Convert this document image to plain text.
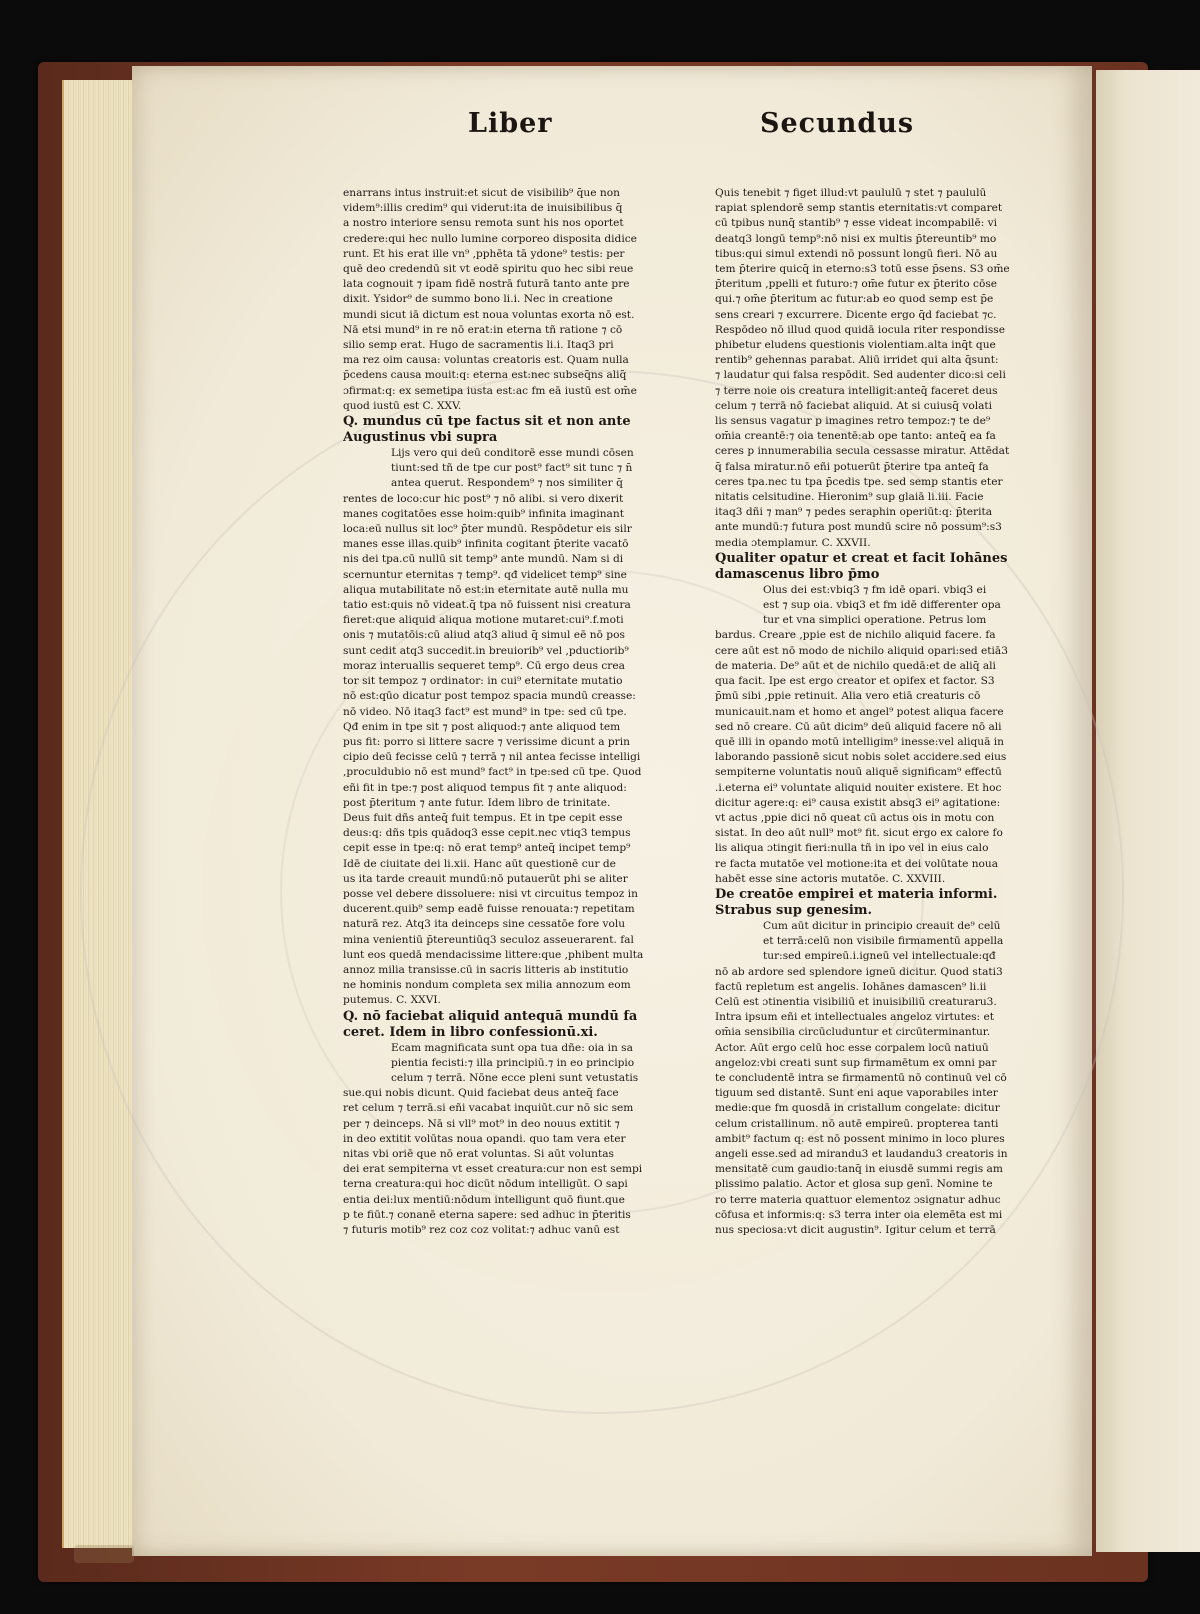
Liber	Secundus
enarrans intus instruit:et sicut de visibilib⁹ q̄ue non
videm⁹:illis credim⁹ qui viderut:ita de inuisibilibus q̄
a nostro interiore sensu remota sunt his nos oportet
credere:qui hec nullo lumine corporeo disposita didice
runt. Et his erat ille vn⁹ ,pphēta tā ydone⁹ testis: per
quē deo credendū sit vt eodē spiritu quo hec sibi reue
lata cognouit ⁊ ipam fidē nostrā futurā tanto ante pre
dixit. Ysidor⁹ de summo bono li.i. Nec in creatione
mundi sicut iā dictum est noua voluntas exorta nō est.
Nā etsi mund⁹ in re nō erat:in eterna tñ ratione ⁊ cō
silio semp erat. Hugo de sacramentis li.i. Itaq3 pri
ma rez oim causa: voluntas creatoris est. Quam nulla
p̄cedens causa mouit:q: eterna est:nec subseq̄ns aliq̄
ɔfirmat:q: ex semetipa iusta est:ac fm eā iustū est om̄e
quod iustū est C. XXV.
Q. mundus cū tpe factus sit et non ante
Augustinus vbi supra
Lijs vero qui deū conditorē esse mundi cōsen
tiunt:sed tñ de tpe cur post⁹ fact⁹ sit tunc ⁊ n̄
antea querut. Respondem⁹ ⁊ nos similiter q̄
rentes de loco:cur hic post⁹ ⁊ nō alibi. si vero dixerit
manes cogitatōes esse hoim:quib⁹ infinita imaginant
loca:eū nullus sit loc⁹ p̄ter mundū. Respōdetur eis silr
manes esse illas.quib⁹ infinita cogitant p̄terite vacatō
nis dei tpa.cū nullū sit temp⁹ ante mundū. Nam si di
scernuntur eternitas ⁊ temp⁹. qđ videlicet temp⁹ sine
aliqua mutabilitate nō est:in eternitate autē nulla mu
tatio est:quis nō videat.q̄ tpa nō fuissent nisi creatura
fieret:que aliquid aliqua motione mutaret:cui⁹.f.moti
onis ⁊ mutatōis:cū aliud atq3 aliud q̄ simul eē nō pos
sunt cedit atq3 succedit.in breuiorib⁹ vel ,pductiorib⁹
moraz interuallis sequeret temp⁹. Cū ergo deus crea
tor sit tempoz ⁊ ordinator: in cui⁹ eternitate mutatio
nō est:qūo dicatur post tempoz spacia mundū creasse:
nō video. Nō itaq3 fact⁹ est mund⁹ in tpe: sed cū tpe.
Qđ enim in tpe sit ⁊ post aliquod:⁊ ante aliquod tem
pus fit: porro si littere sacre ⁊ verissime dicunt a prin
cipio deū fecisse celū ⁊ terrā ⁊ nil antea fecisse intelligi
,proculdubio nō est mund⁹ fact⁹ in tpe:sed cū tpe. Quod
eñi fit in tpe:⁊ post aliquod tempus fit ⁊ ante aliquod:
post p̄teritum ⁊ ante futur. Idem libro de trinitate.
Deus fuit dñs anteq̄ fuit tempus. Et in tpe cepit esse
deus:q: dñs tpis quādoq3 esse cepit.nec vtiq3 tempus
cepit esse in tpe:q: nō erat temp⁹ anteq̄ incipet temp⁹
Idē de ciuitate dei li.xii. Hanc aūt questionē cur de
us ita tarde creauit mundū:nō putauerūt phi se aliter
posse vel debere dissoluere: nisi vt circuitus tempoz in
ducerent.quib⁹ semp eadē fuisse renouata:⁊ repetitam
naturā rez. Atq3 ita deinceps sine cessatōe fore volu
mina venientiū p̄tereuntiūq3 seculoz asseuerarent. fal
lunt eos quedā mendacissime littere:que ,phibent multa
annoz milia transisse.cū in sacris litteris ab institutio
ne hominis nondum completa sex milia annozum eom
putemus. C. XXVI.
Q. nō faciebat aliquid antequā mundū fa
ceret. Idem in libro confessionū.xi.
Ecam magnificata sunt opa tua dñe: oia in sa
pientia fecisti:⁊ illa principiū.⁊ in eo principio
celum ⁊ terrā. Nōne ecce pleni sunt vetustatis
sue.qui nobis dicunt. Quid faciebat deus anteq̄ face
ret celum ⁊ terrā.si eñi vacabat inquiūt.cur nō sic sem
per ⁊ deinceps. Nā si vll⁹ mot⁹ in deo nouus extitit ⁊
in deo extitit volūtas noua opandi. quo tam vera eter
nitas vbi oriē que nō erat voluntas. Si aūt voluntas
dei erat sempiterna vt esset creatura:cur non est sempi
terna creatura:qui hoc dicūt nōdum intelligūt. O sapi
entia dei:lux mentiū:nōdum intelligunt quō fiunt.que
p te fiūt.⁊ conanē eterna sapere: sed adhuc in p̄teritis
⁊ futuris motib⁹ rez coz coz volitat:⁊ adhuc vanū est
Quis tenebit ⁊ figet illud:vt paululū ⁊ stet ⁊ paululū
rapiat splendorē semp stantis eternitatis:vt comparet
cū tpibus nunq̄ stantib⁹ ⁊ esse videat incompabilē: vi
deatq3 longū temp⁹:nō nisi ex multis p̄tereuntib⁹ mo
tibus:qui simul extendi nō possunt longū fieri. Nō au
tem p̄terire quicq̄ in eterno:s3 totū esse p̄sens. S3 om̄e
p̄teritum ,ppelli et futuro:⁊ om̄e futur ex p̄terito cōse
qui.⁊ om̄e p̄teritum ac futur:ab eo quod semp est p̄e
sens creari ⁊ excurrere. Dicente ergo q̄d faciebat ⁊c.
Respōdeo nō illud quod quidā iocula riter respondisse
phibetur eludens questionis violentiam.alta inq̄t que
rentib⁹ gehennas parabat. Aliū irridet qui alta q̄sunt:
⁊ laudatur qui falsa respōdit. Sed audenter dico:si celi
⁊ terre noie ois creatura intelligit:anteq̄ faceret deus
celum ⁊ terrā nō faciebat aliquid. At si cuiusq̄ volati
lis sensus vagatur p imagines retro tempoz:⁊ te de⁹
om̄ia creantē:⁊ oia tenentē:ab ope tanto: anteq̄ ea fa
ceres p innumerabilia secula cessasse miratur. Attēdat
q̄ falsa miratur.nō eñi potuerūt p̄terire tpa anteq̄ fa
ceres tpa.nec tu tpa p̄cedis tpe. sed semp stantis eter
nitatis celsitudine. Hieronim⁹ sup glaiā li.iii. Facie
itaq3 dñi ⁊ man⁹ ⁊ pedes seraphin operiūt:q: p̄terita
ante mundū:⁊ futura post mundū scire nō possum⁹:s3
media ɔtemplamur. C. XXVII.
Qualiter opatur et creat et facit Iohānes
damascenus libro p̄mo
Olus dei est:vbiq3 ⁊ fm idē opari. vbiq3 ei
est ⁊ sup oia. vbiq3 et fm idē differenter opa
tur et vna simplici operatione. Petrus lom
bardus. Creare ,ppie est de nichilo aliquid facere. fa
cere aūt est nō modo de nichilo aliquid opari:sed etiā3
de materia. De⁹ aūt et de nichilo quedā:et de aliq̄ ali
qua facit. Ipe est ergo creator et opifex et factor. S3
p̄mū sibi ,ppie retinuit. Alia vero etiā creaturis cō
municauit.nam et homo et angel⁹ potest aliqua facere
sed nō creare. Cū aūt dicim⁹ deū aliquid facere nō ali
quē illi in opando motū intelligim⁹ inesse:vel aliquā in
laborando passionē sicut nobis solet accidere.sed eius
sempiterne voluntatis nouū aliquē significam⁹ effectū
.i.eterna ei⁹ voluntate aliquid nouiter existere. Et hoc
dicitur agere:q: ei⁹ causa existit absq3 ei⁹ agitatione:
vt actus ,ppie dici nō queat cū actus ois in motu con
sistat. In deo aūt null⁹ mot⁹ fit. sicut ergo ex calore fo
lis aliqua ɔtingit fieri:nulla tñ in ipo vel in eius calo
re facta mutatōe vel motione:ita et dei volūtate noua
habēt esse sine actoris mutatōe. C. XXVIII.
De creatōe empirei et materia informi.
Strabus sup genesim.
Cum aūt dicitur in principio creauit de⁹ celū
et terrā:celū non visibile firmamentū appella
tur:sed empireū.i.igneū vel intellectuale:qđ
nō ab ardore sed splendore igneū dicitur. Quod stati3
factū repletum est angelis. Iohānes damascen⁹ li.ii
Celū est ɔtinentia visibiliū et inuisibiliū creaturaru3.
Intra ipsum eñi et intellectuales angeloz virtutes: et
om̄ia sensibilia circūcluduntur et circūterminantur.
Actor. Aūt ergo celū hoc esse corpalem locū natiuū
angeloz:vbi creati sunt sup firmamētum ex omni par
te concludentē intra se firmamentū nō continuū vel cō
tiguum sed distantē. Sunt eni aque vaporabiles inter
medie:que fm quosdā in cristallum congelate: dicitur
celum cristallinum. nō autē empireū. propterea tanti
ambit⁹ factum q: est nō possent minimo in loco plures
angeli esse.sed ad mirandu3 et laudandu3 creatoris in
mensitatē cum gaudio:tanq̄ in eiusdē summi regis am
plissimo palatio. Actor et glosa sup genī. Nomine te
ro terre materia quattuor elementoz ɔsignatur adhuc
cōfusa et informis:q: s3 terra inter oia elemēta est mi
nus speciosa:vt dicit augustin⁹. Igitur celum et terrā
